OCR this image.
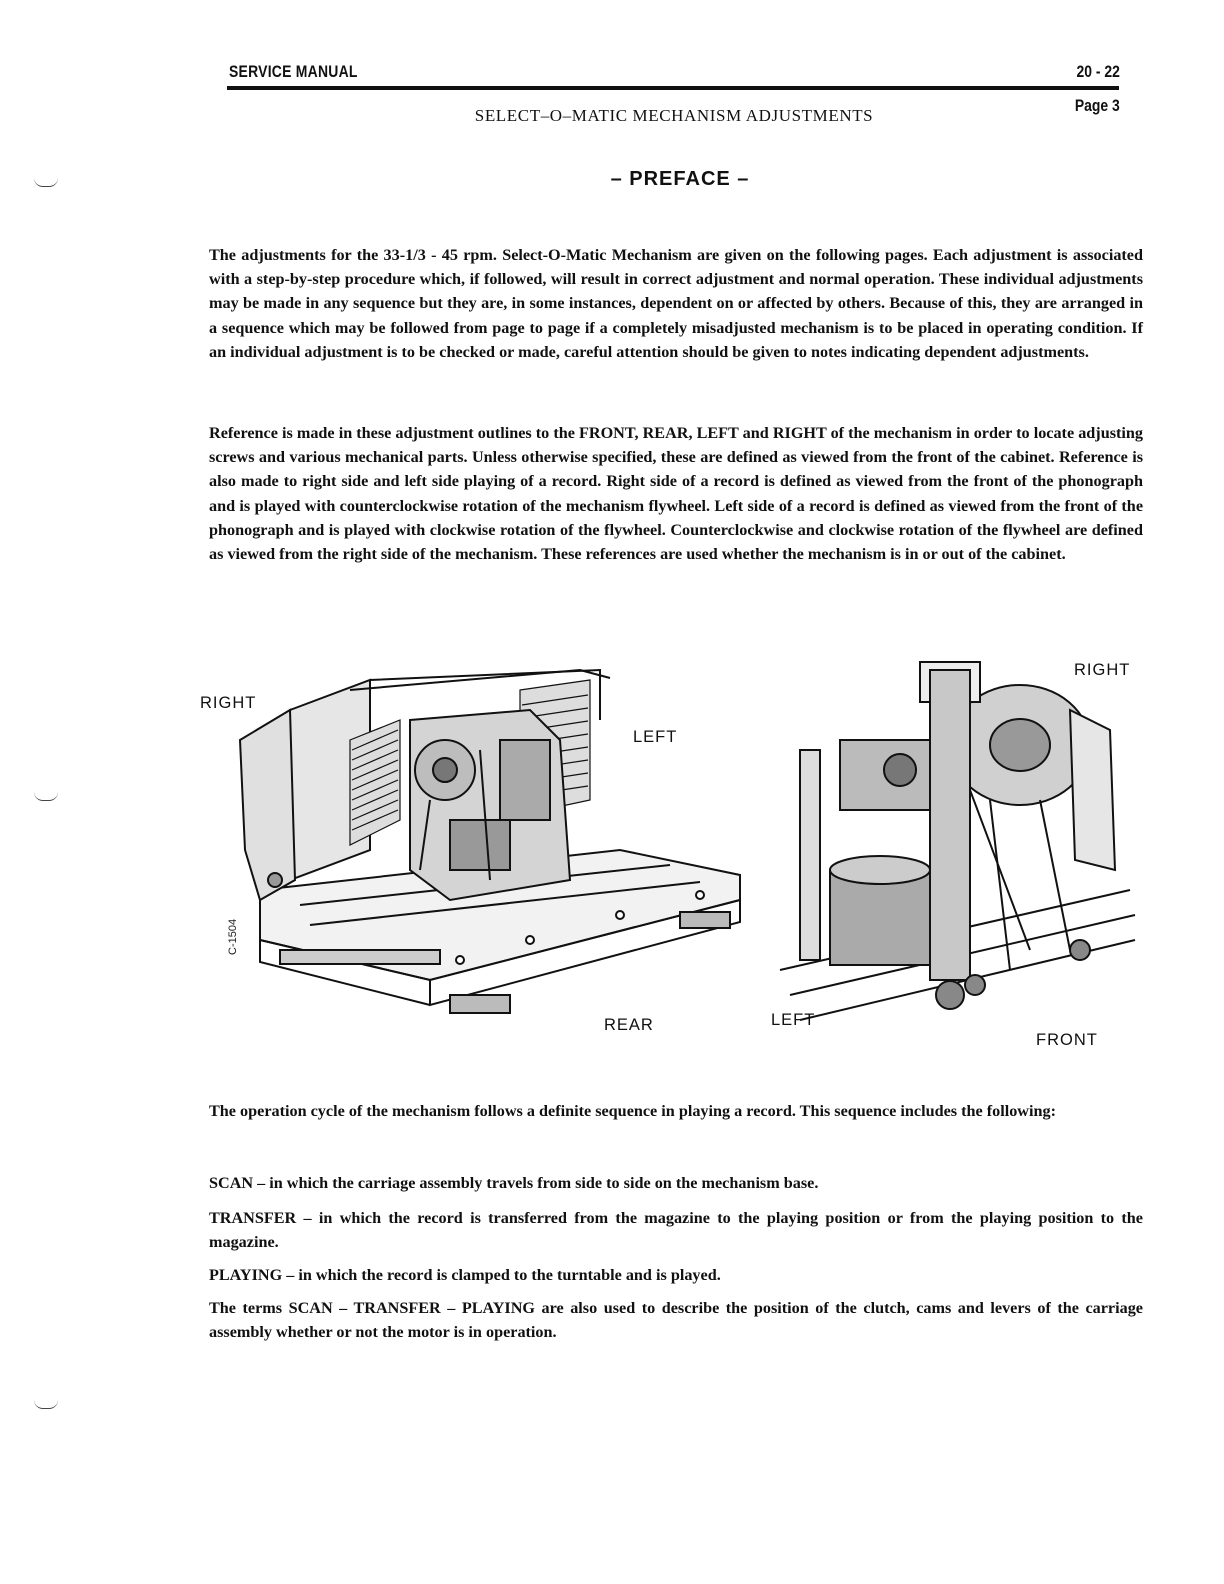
SERVICE MANUAL	20 - 22
Page 3
SELECT–O–MATIC MECHANISM ADJUSTMENTS
– PREFACE –

The adjustments for the 33-1/3 - 45 rpm. Select-O-Matic Mechanism are given on the following pages. Each adjustment is associated with a step-by-step procedure which, if followed, will result in correct adjustment and normal operation. These individual adjustments may be made in any sequence but they are, in some instances, dependent on or affected by others. Because of this, they are arranged in a sequence which may be followed from page to page if a completely misadjusted mechanism is to be placed in operating condition. If an individual adjustment is to be checked or made, careful attention should be given to notes indicating dependent adjustments.

Reference is made in these adjustment outlines to the FRONT, REAR, LEFT and RIGHT of the mechanism in order to locate adjusting screws and various mechanical parts. Unless otherwise specified, these are defined as viewed from the front of the cabinet. Reference is also made to right side and left side playing of a record. Right side of a record is defined as viewed from the front of the phonograph and is played with counterclockwise rotation of the mechanism flywheel. Left side of a record is defined as viewed from the front of the phonograph and is played with clockwise rotation of the flywheel. Counterclockwise and clockwise rotation of the flywheel are defined as viewed from the right side of the mechanism. These references are used whether the mechanism is in or out of the cabinet.

C-1504
RIGHT
LEFT
REAR
RIGHT
LEFT
FRONT

The operation cycle of the mechanism follows a definite sequence in playing a record. This sequence includes the following:

SCAN – in which the carriage assembly travels from side to side on the mechanism base.

TRANSFER – in which the record is transferred from the magazine to the playing position or from the playing position to the magazine.

PLAYING – in which the record is clamped to the turntable and is played.

The terms SCAN – TRANSFER – PLAYING are also used to describe the position of the clutch, cams and levers of the carriage assembly whether or not the motor is in operation.
